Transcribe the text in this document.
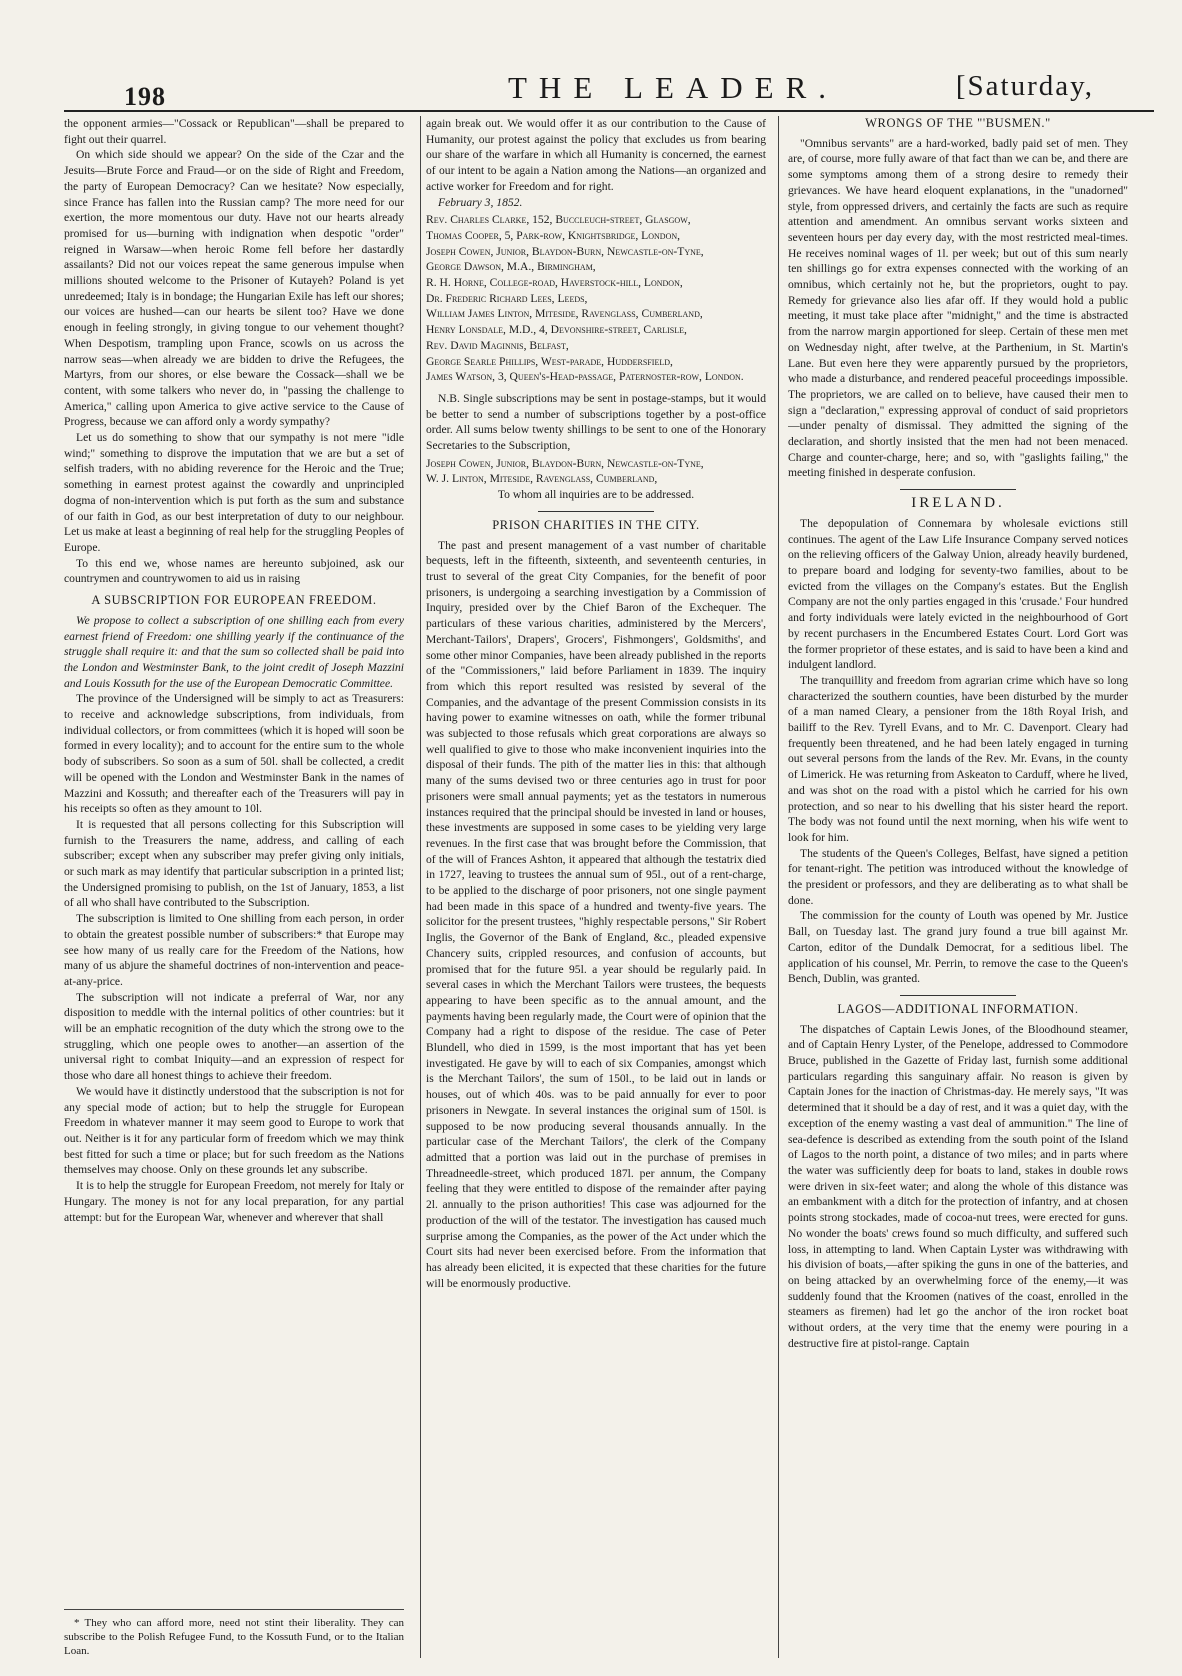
198	THE LEADER.	[Saturday,

the opponent armies—"Cossack or Republican"—shall be prepared to fight out their quarrel.

On which side should we appear? On the side of the Czar and the Jesuits—Brute Force and Fraud—or on the side of Right and Freedom, the party of European Democracy? Can we hesitate? Now especially, since France has fallen into the Russian camp? The more need for our exertion, the more momentous our duty. Have not our hearts already promised for us—burning with indignation when despotic "order" reigned in Warsaw—when heroic Rome fell before her dastardly assailants? Did not our voices repeat the same generous impulse when millions shouted welcome to the Prisoner of Kutayeh? Poland is yet unredeemed; Italy is in bondage; the Hungarian Exile has left our shores; our voices are hushed—can our hearts be silent too? Have we done enough in feeling strongly, in giving tongue to our vehement thought? When Despotism, trampling upon France, scowls on us across the narrow seas—when already we are bidden to drive the Refugees, the Martyrs, from our shores, or else beware the Cossack—shall we be content, with some talkers who never do, in "passing the challenge to America," calling upon America to give active service to the Cause of Progress, because we can afford only a wordy sympathy?

Let us do something to show that our sympathy is not mere "idle wind;" something to disprove the imputation that we are but a set of selfish traders, with no abiding reverence for the Heroic and the True; something in earnest protest against the cowardly and unprincipled dogma of non-intervention which is put forth as the sum and substance of our faith in God, as our best interpretation of duty to our neighbour. Let us make at least a beginning of real help for the struggling Peoples of Europe.

To this end we, whose names are hereunto subjoined, ask our countrymen and countrywomen to aid us in raising

A SUBSCRIPTION FOR EUROPEAN FREEDOM.

We propose to collect a subscription of one shilling each from every earnest friend of Freedom: one shilling yearly if the continuance of the struggle shall require it: and that the sum so collected shall be paid into the London and Westminster Bank, to the joint credit of Joseph Mazzini and Louis Kossuth for the use of the European Democratic Committee.

The province of the Undersigned will be simply to act as Treasurers: to receive and acknowledge subscriptions, from individuals, from individual collectors, or from committees (which it is hoped will soon be formed in every locality); and to account for the entire sum to the whole body of subscribers. So soon as a sum of 50l. shall be collected, a credit will be opened with the London and Westminster Bank in the names of Mazzini and Kossuth; and thereafter each of the Treasurers will pay in his receipts so often as they amount to 10l.

It is requested that all persons collecting for this Subscription will furnish to the Treasurers the name, address, and calling of each subscriber; except when any subscriber may prefer giving only initials, or such mark as may identify that particular subscription in a printed list; the Undersigned promising to publish, on the 1st of January, 1853, a list of all who shall have contributed to the Subscription.

The subscription is limited to One shilling from each person, in order to obtain the greatest possible number of subscribers:* that Europe may see how many of us really care for the Freedom of the Nations, how many of us abjure the shameful doctrines of non-intervention and peace-at-any-price.

The subscription will not indicate a preferral of War, nor any disposition to meddle with the internal politics of other countries: but it will be an emphatic recognition of the duty which the strong owe to the struggling, which one people owes to another—an assertion of the universal right to combat Iniquity—and an expression of respect for those who dare all honest things to achieve their freedom.

We would have it distinctly understood that the subscription is not for any special mode of action; but to help the struggle for European Freedom in whatever manner it may seem good to Europe to work that out. Neither is it for any particular form of freedom which we may think best fitted for such a time or place; but for such freedom as the Nations themselves may choose. Only on these grounds let any subscribe.

It is to help the struggle for European Freedom, not merely for Italy or Hungary. The money is not for any local preparation, for any partial attempt: but for the European War, whenever and wherever that shall

* They who can afford more, need not stint their liberality. They can subscribe to the Polish Refugee Fund, to the Kossuth Fund, or to the Italian Loan.

again break out. We would offer it as our contribution to the Cause of Humanity, our protest against the policy that excludes us from bearing our share of the warfare in which all Humanity is concerned, the earnest of our intent to be again a Nation among the Nations—an organized and active worker for Freedom and for right.

February 3, 1852.

Rev. Charles Clarke, 152, Buccleuch-street, Glasgow,

Thomas Cooper, 5, Park-row, Knightsbridge, London,

Joseph Cowen, Junior, Blaydon-Burn, Newcastle-on-Tyne,

George Dawson, M.A., Birmingham,

R. H. Horne, College-road, Haverstock-hill, London,

Dr. Frederic Richard Lees, Leeds,

William James Linton, Miteside, Ravenglass, Cumberland,

Henry Lonsdale, M.D., 4, Devonshire-street, Carlisle,

Rev. David Maginnis, Belfast,

George Searle Phillips, West-parade, Huddersfield,

James Watson, 3, Queen's-Head-passage, Paternoster-row, London.

N.B. Single subscriptions may be sent in postage-stamps, but it would be better to send a number of subscriptions together by a post-office order. All sums below twenty shillings to be sent to one of the Honorary Secretaries to the Subscription,

Joseph Cowen, Junior, Blaydon-Burn, Newcastle-on-Tyne,

W. J. Linton, Miteside, Ravenglass, Cumberland,

To whom all inquiries are to be addressed.

PRISON CHARITIES IN THE CITY.

The past and present management of a vast number of charitable bequests, left in the fifteenth, sixteenth, and seventeenth centuries, in trust to several of the great City Companies, for the benefit of poor prisoners, is undergoing a searching investigation by a Commission of Inquiry, presided over by the Chief Baron of the Exchequer. The particulars of these various charities, administered by the Mercers', Merchant-Tailors', Drapers', Grocers', Fishmongers', Goldsmiths', and some other minor Companies, have been already published in the reports of the "Commissioners," laid before Parliament in 1839. The inquiry from which this report resulted was resisted by several of the Companies, and the advantage of the present Commission consists in its having power to examine witnesses on oath, while the former tribunal was subjected to those refusals which great corporations are always so well qualified to give to those who make inconvenient inquiries into the disposal of their funds. The pith of the matter lies in this: that although many of the sums devised two or three centuries ago in trust for poor prisoners were small annual payments; yet as the testators in numerous instances required that the principal should be invested in land or houses, these investments are supposed in some cases to be yielding very large revenues. In the first case that was brought before the Commission, that of the will of Frances Ashton, it appeared that although the testatrix died in 1727, leaving to trustees the annual sum of 95l., out of a rent-charge, to be applied to the discharge of poor prisoners, not one single payment had been made in this space of a hundred and twenty-five years. The solicitor for the present trustees, "highly respectable persons," Sir Robert Inglis, the Governor of the Bank of England, &c., pleaded expensive Chancery suits, crippled resources, and confusion of accounts, but promised that for the future 95l. a year should be regularly paid. In several cases in which the Merchant Tailors were trustees, the bequests appearing to have been specific as to the annual amount, and the payments having been regularly made, the Court were of opinion that the Company had a right to dispose of the residue. The case of Peter Blundell, who died in 1599, is the most important that has yet been investigated. He gave by will to each of six Companies, amongst which is the Merchant Tailors', the sum of 150l., to be laid out in lands or houses, out of which 40s. was to be paid annually for ever to poor prisoners in Newgate. In several instances the original sum of 150l. is supposed to be now producing several thousands annually. In the particular case of the Merchant Tailors', the clerk of the Company admitted that a portion was laid out in the purchase of premises in Threadneedle-street, which produced 187l. per annum, the Company feeling that they were entitled to dispose of the remainder after paying 2l. annually to the prison authorities! This case was adjourned for the production of the will of the testator. The investigation has caused much surprise among the Companies, as the power of the Act under which the Court sits had never been exercised before. From the information that has already been elicited, it is expected that these charities for the future will be enormously productive.

WRONGS OF THE "'BUSMEN."

"Omnibus servants" are a hard-worked, badly paid set of men. They are, of course, more fully aware of that fact than we can be, and there are some symptoms among them of a strong desire to remedy their grievances. We have heard eloquent explanations, in the "unadorned" style, from oppressed drivers, and certainly the facts are such as require attention and amendment. An omnibus servant works sixteen and seventeen hours per day every day, with the most restricted meal-times. He receives nominal wages of 1l. per week; but out of this sum nearly ten shillings go for extra expenses connected with the working of an omnibus, which certainly not he, but the proprietors, ought to pay. Remedy for grievance also lies afar off. If they would hold a public meeting, it must take place after "midnight," and the time is abstracted from the narrow margin apportioned for sleep. Certain of these men met on Wednesday night, after twelve, at the Parthenium, in St. Martin's Lane. But even here they were apparently pursued by the proprietors, who made a disturbance, and rendered peaceful proceedings impossible. The proprietors, we are called on to believe, have caused their men to sign a "declaration," expressing approval of conduct of said proprietors—under penalty of dismissal. They admitted the signing of the declaration, and shortly insisted that the men had not been menaced. Charge and counter-charge, here; and so, with "gaslights failing," the meeting finished in desperate confusion.

IRELAND.

The depopulation of Connemara by wholesale evictions still continues. The agent of the Law Life Insurance Company served notices on the relieving officers of the Galway Union, already heavily burdened, to prepare board and lodging for seventy-two families, about to be evicted from the villages on the Company's estates. But the English Company are not the only parties engaged in this 'crusade.' Four hundred and forty individuals were lately evicted in the neighbourhood of Gort by recent purchasers in the Encumbered Estates Court. Lord Gort was the former proprietor of these estates, and is said to have been a kind and indulgent landlord.

The tranquillity and freedom from agrarian crime which have so long characterized the southern counties, have been disturbed by the murder of a man named Cleary, a pensioner from the 18th Royal Irish, and bailiff to the Rev. Tyrell Evans, and to Mr. C. Davenport. Cleary had frequently been threatened, and he had been lately engaged in turning out several persons from the lands of the Rev. Mr. Evans, in the county of Limerick. He was returning from Askeaton to Carduff, where he lived, and was shot on the road with a pistol which he carried for his own protection, and so near to his dwelling that his sister heard the report. The body was not found until the next morning, when his wife went to look for him.

The students of the Queen's Colleges, Belfast, have signed a petition for tenant-right. The petition was introduced without the knowledge of the president or professors, and they are deliberating as to what shall be done.

The commission for the county of Louth was opened by Mr. Justice Ball, on Tuesday last. The grand jury found a true bill against Mr. Carton, editor of the Dundalk Democrat, for a seditious libel. The application of his counsel, Mr. Perrin, to remove the case to the Queen's Bench, Dublin, was granted.

LAGOS—ADDITIONAL INFORMATION.

The dispatches of Captain Lewis Jones, of the Bloodhound steamer, and of Captain Henry Lyster, of the Penelope, addressed to Commodore Bruce, published in the Gazette of Friday last, furnish some additional particulars regarding this sanguinary affair. No reason is given by Captain Jones for the inaction of Christmas-day. He merely says, "It was determined that it should be a day of rest, and it was a quiet day, with the exception of the enemy wasting a vast deal of ammunition." The line of sea-defence is described as extending from the south point of the Island of Lagos to the north point, a distance of two miles; and in parts where the water was sufficiently deep for boats to land, stakes in double rows were driven in six-feet water; and along the whole of this distance was an embankment with a ditch for the protection of infantry, and at chosen points strong stockades, made of cocoa-nut trees, were erected for guns. No wonder the boats' crews found so much difficulty, and suffered such loss, in attempting to land. When Captain Lyster was withdrawing with his division of boats,—after spiking the guns in one of the batteries, and on being attacked by an overwhelming force of the enemy,—it was suddenly found that the Kroomen (natives of the coast, enrolled in the steamers as firemen) had let go the anchor of the iron rocket boat without orders, at the very time that the enemy were pouring in a destructive fire at pistol-range. Captain
